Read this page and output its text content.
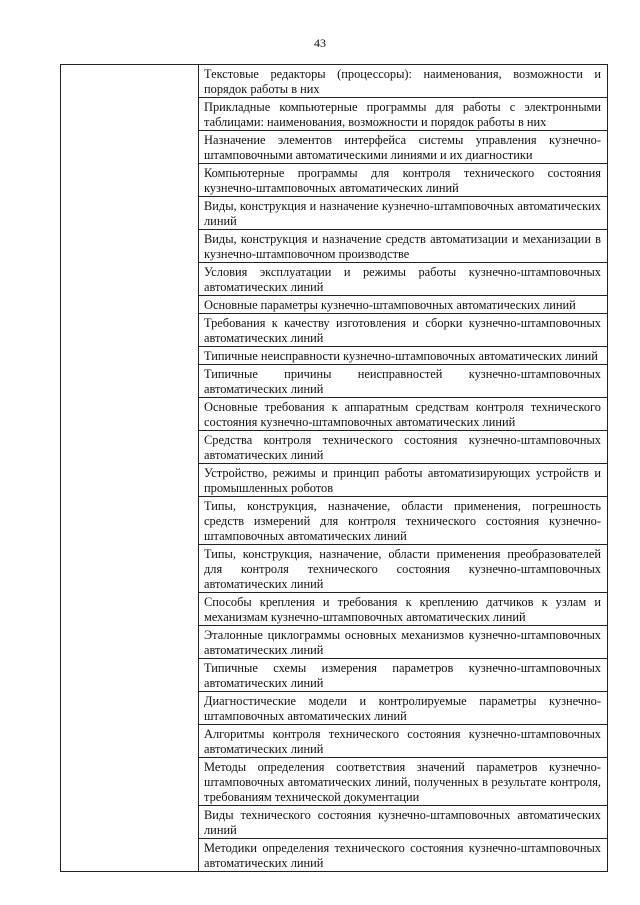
43

Текстовые редакторы (процессоры): наименования, возможности и порядок работы в них

Прикладные компьютерные программы для работы с электронными таблицами: наименования, возможности и порядок работы в них

Назначение элементов интерфейса системы управления кузнечно-штамповочными автоматическими линиями и их диагностики

Компьютерные программы для контроля технического состояния кузнечно-штамповочных автоматических линий

Виды, конструкция и назначение кузнечно-штамповочных автоматических линий

Виды, конструкция и назначение средств автоматизации и механизации в кузнечно-штамповочном производстве

Условия эксплуатации и режимы работы кузнечно-штамповочных автоматических линий

Основные параметры кузнечно-штамповочных автоматических линий

Требования к качеству изготовления и сборки кузнечно-штамповочных автоматических линий

Типичные неисправности кузнечно-штамповочных автоматических линий

Типичные причины неисправностей кузнечно-штамповочных автоматических линий

Основные требования к аппаратным средствам контроля технического состояния кузнечно-штамповочных автоматических линий

Средства контроля технического состояния кузнечно-штамповочных автоматических линий

Устройство, режимы и принцип работы автоматизирующих устройств и промышленных роботов

Типы, конструкция, назначение, области применения, погрешность средств измерений для контроля технического состояния кузнечно-штамповочных автоматических линий

Типы, конструкция, назначение, области применения преобразователей для контроля технического состояния кузнечно-штамповочных автоматических линий

Способы крепления и требования к креплению датчиков к узлам и механизмам кузнечно-штамповочных автоматических линий

Эталонные циклограммы основных механизмов кузнечно-штамповочных автоматических линий

Типичные схемы измерения параметров кузнечно-штамповочных автоматических линий

Диагностические модели и контролируемые параметры кузнечно-штамповочных автоматических линий

Алгоритмы контроля технического состояния кузнечно-штамповочных автоматических линий

Методы определения соответствия значений параметров кузнечно-штамповочных автоматических линий, полученных в результате контроля, требованиям технической документации

Виды технического состояния кузнечно-штамповочных автоматических линий

Методики определения технического состояния кузнечно-штамповочных автоматических линий
